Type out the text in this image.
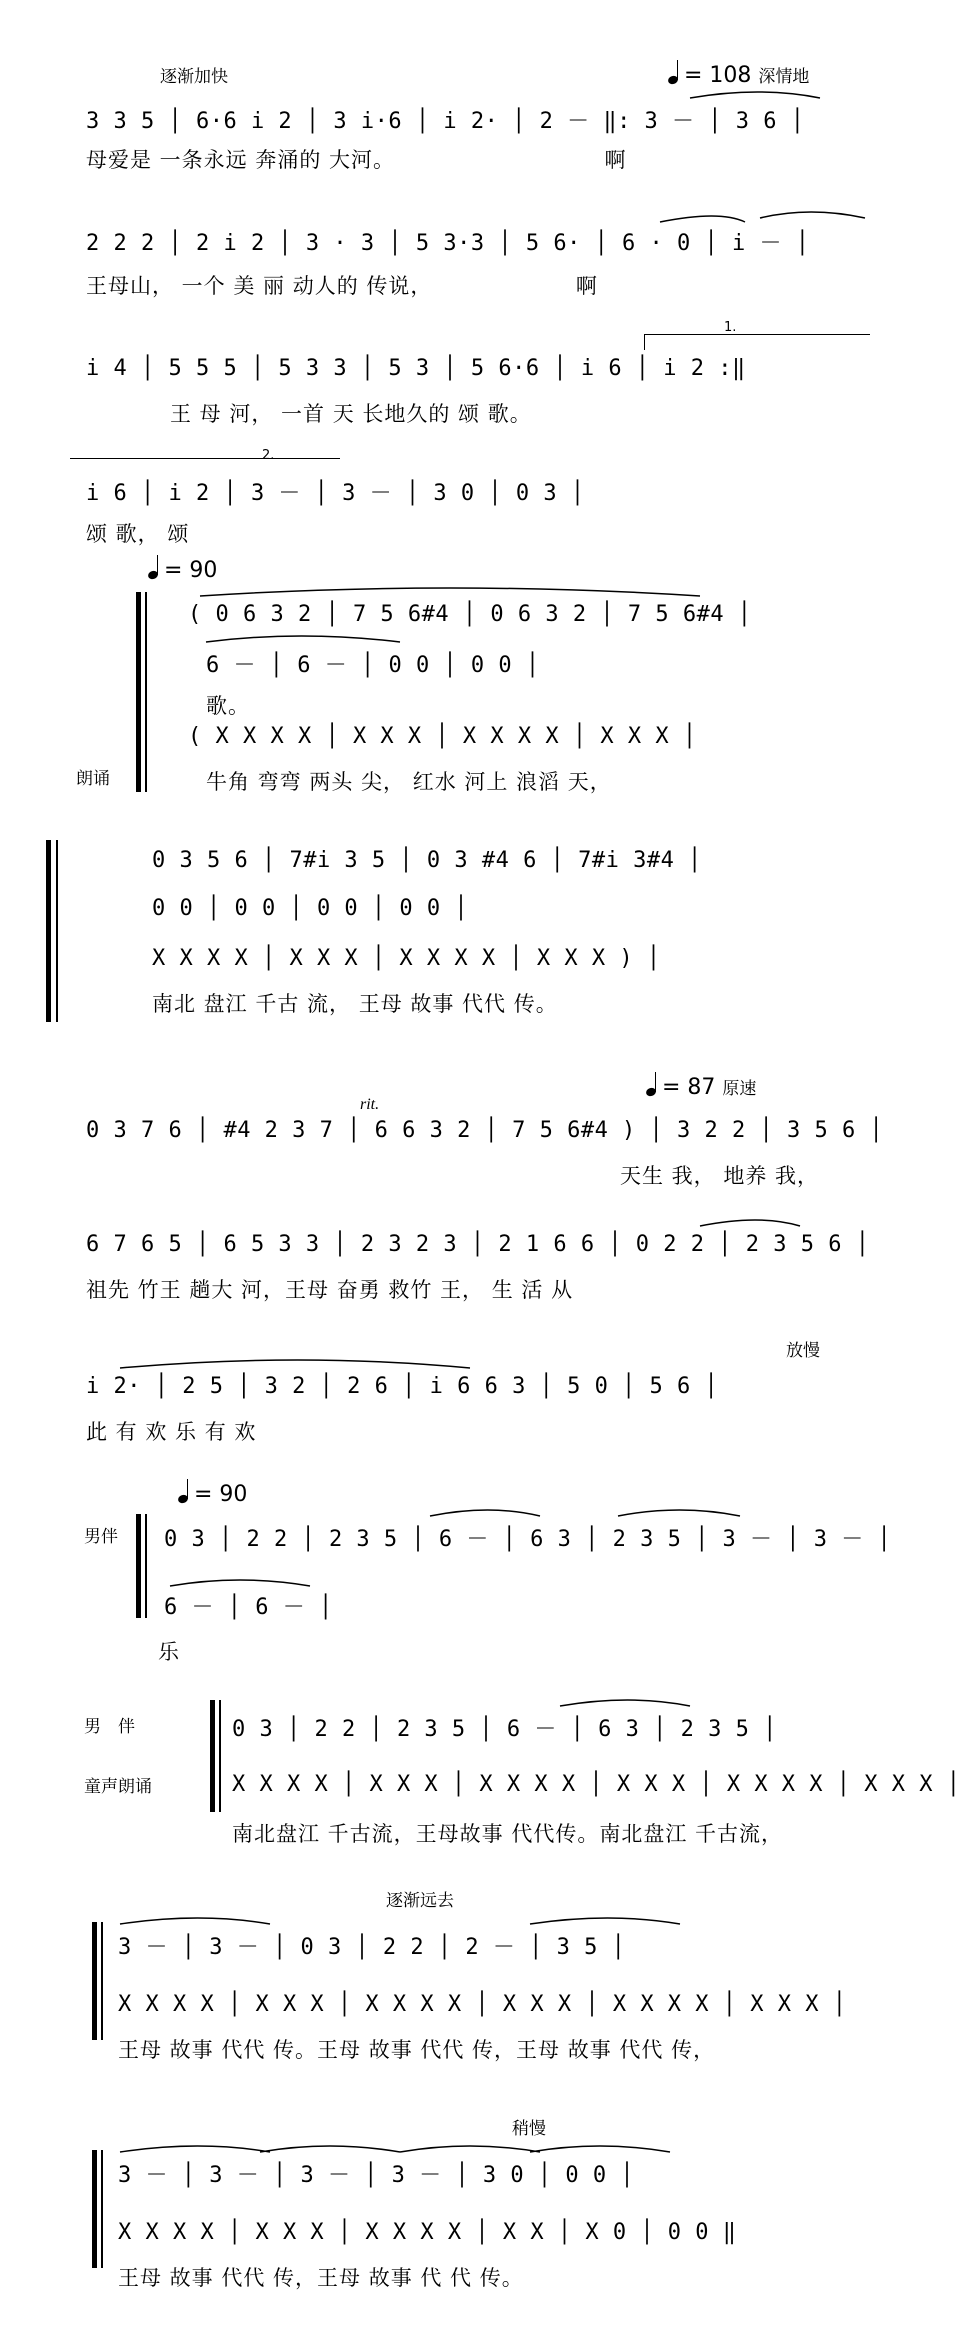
逐渐加快	= 108 深情地
3 3 5 │ 6·6 i 2 │ 3 i·6 │ i 2· │ 2 － ‖: 3 － │ 3 6 │
母爱是 一条永远 奔涌的 大河。　　　　　　　　　　啊
2 2 2 │ 2 i 2 │ 3 · 3 │ 5 3·3 │ 5 6· │ 6 · 0 │ i － │
王母山， 一个 美 丽 动人的 传说，　　　　　　　啊
1.
i 4 │ 5 5 5 │ 5 3 3 │ 5 3 │ 5 6·6 │ i 6 │ i 2 :‖
王 母 河， 一首 天 长地久的 颂 歌。
2.
i 6 │ i 2 │ 3 － │ 3 － │ 3 0 │ 0 3 │
颂 歌， 颂
= 90
朗诵
( 0 6 3 2 │ 7 5 6#4 │ 0 6 3 2 │ 7 5 6#4 │
6 － │ 6 － │ 0 0 │ 0 0 │
歌。
( X X X X │ X X X │ X X X X │ X X X │
牛角 弯弯 两头 尖， 红水 河上 浪滔 天，
0 3 5 6 │ 7#i 3 5 │ 0 3 #4 6 │ 7#i 3#4 │
0 0 │ 0 0 │ 0 0 │ 0 0 │
X X X X │ X X X │ X X X X │ X X X ) │
南北 盘江 千古 流， 王母 故事 代代 传。
rit.
= 87 原速
0 3 7 6 │ #4 2 3 7 │ 6 6 3 2 │ 7 5 6#4 ) │ 3 2 2 │ 3 5 6 │
天生 我， 地养 我，
6 7 6 5 │ 6 5 3 3 │ 2 3 2 3 │ 2 1 6 6 │ 0 2 2 │ 2 3 5 6 │
祖先 竹王 趟大 河，王母 奋勇 救竹 王， 生 活 从
放慢
i 2· │ 2 5 │ 3 2 │ 2 6 │ i 6 6 3 │ 5 0 │ 5 6 │
此 有 欢 乐 有 欢
= 90
男伴 0 3 │ 2 2 │ 2 3 5 │ 6 － │ 6 3 │ 2 3 5 │ 3 － │ 3 － │
6 － │ 6 － │
乐
男　伴
童声朗诵
0 3 │ 2 2 │ 2 3 5 │ 6 － │ 6 3 │ 2 3 5 │
X X X X │ X X X │ X X X X │ X X X │ X X X X │ X X X │
南北盘江 千古流，王母故事 代代传。南北盘江 千古流，
逐渐远去
3 － │ 3 － │ 0 3 │ 2 2 │ 2 － │ 3 5 │
X X X X │ X X X │ X X X X │ X X X │ X X X X │ X X X │
王母 故事 代代 传。王母 故事 代代 传，王母 故事 代代 传，
稍慢
3 － │ 3 － │ 3 － │ 3 － │ 3 0 │ 0 0 │
X X X X │ X X X │ X X X X │ X X │ X 0 │ 0 0 ‖
王母 故事 代代 传，王母 故事 代 代 传。
